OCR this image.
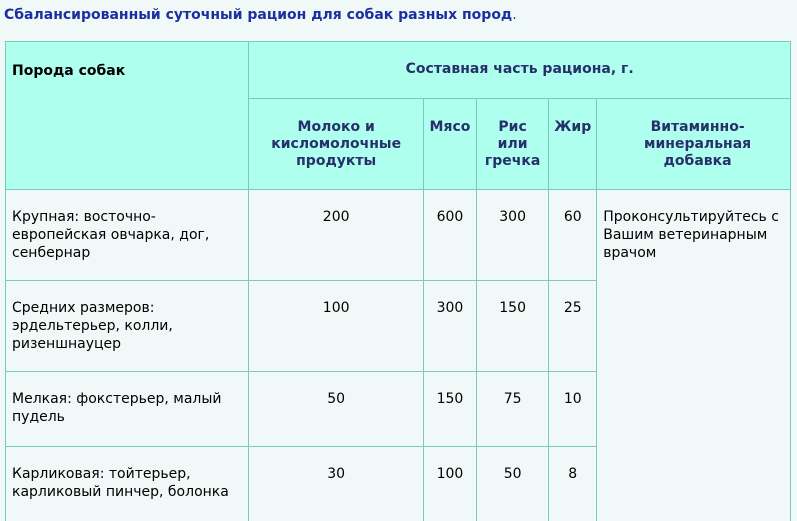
Сбалансированный суточный рацион для собак разных пород.
Порода собак	Составная часть рациона, г.				
	Молоко и кисломолочные продукты	Мясо	Рис или гречка	Жир	Витаминно-минеральная добавка
Крупная: восточно-европейская овчарка, дог, сенбернар	200	600	300	60	Проконсультируйтесь с Вашим ветеринарным врачом
Средних размеров: эрдельтерьер, колли, ризеншнауцер	100	300	150	25	
Мелкая: фокстерьер, малый пудель	50	150	75	10	
Карликовая: тойтерьер, карликовый пинчер, болонка	30	100	50	8	
